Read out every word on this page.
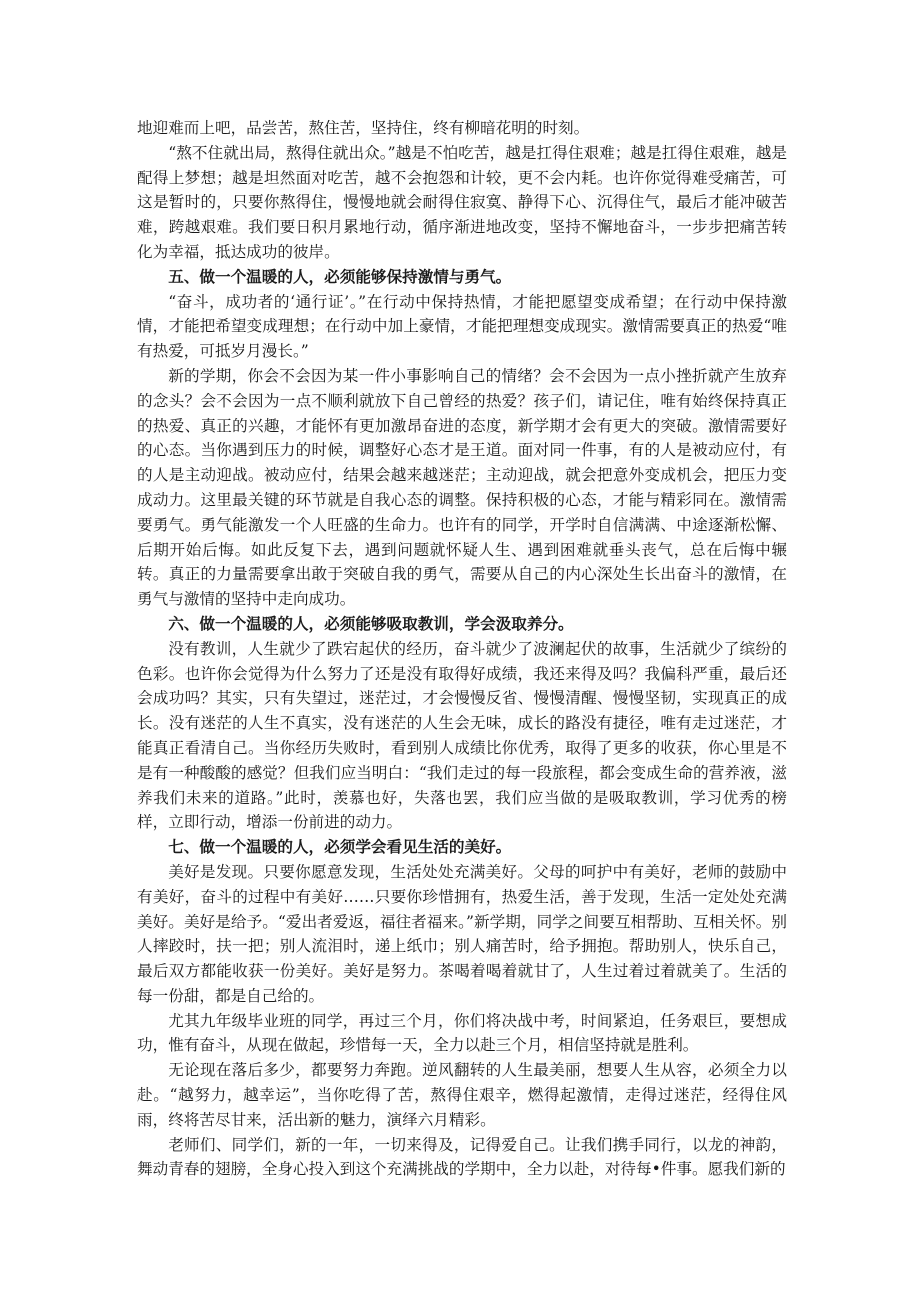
地迎难而上吧，品尝苦，熬住苦，坚持住，终有柳暗花明的时刻。

“熬不住就出局，熬得住就出众。”越是不怕吃苦，越是扛得住艰难；越是扛得住艰难，越是配得上梦想；越是坦然面对吃苦，越不会抱怨和计较，更不会内耗。也许你觉得难受痛苦，可这是暂时的，只要你熬得住，慢慢地就会耐得住寂寞、静得下心、沉得住气，最后才能冲破苦难，跨越艰难。我们要日积月累地行动，循序渐进地改变，坚持不懈地奋斗，一步步把痛苦转化为幸福，抵达成功的彼岸。

五、做一个温暖的人，必须能够保持激情与勇气。

“奋斗，成功者的‘通行证’。”在行动中保持热情，才能把愿望变成希望；在行动中保持激情，才能把希望变成理想；在行动中加上豪情，才能把理想变成现实。激情需要真正的热爱“唯有热爱，可抵岁月漫长。”

新的学期，你会不会因为某一件小事影响自己的情绪？会不会因为一点小挫折就产生放弃的念头？会不会因为一点不顺利就放下自己曾经的热爱？孩子们，请记住，唯有始终保持真正的热爱、真正的兴趣，才能怀有更加激昂奋进的态度，新学期才会有更大的突破。激情需要好的心态。当你遇到压力的时候，调整好心态才是王道。面对同一件事，有的人是被动应付，有的人是主动迎战。被动应付，结果会越来越迷茫；主动迎战，就会把意外变成机会，把压力变成动力。这里最关键的环节就是自我心态的调整。保持积极的心态，才能与精彩同在。激情需要勇气。勇气能激发一个人旺盛的生命力。也许有的同学，开学时自信满满、中途逐渐松懈、后期开始后悔。如此反复下去，遇到问题就怀疑人生、遇到困难就垂头丧气，总在后悔中辗转。真正的力量需要拿出敢于突破自我的勇气，需要从自己的内心深处生长出奋斗的激情，在勇气与激情的坚持中走向成功。

六、做一个温暖的人，必须能够吸取教训，学会汲取养分。

没有教训，人生就少了跌宕起伏的经历，奋斗就少了波澜起伏的故事，生活就少了缤纷的色彩。也许你会觉得为什么努力了还是没有取得好成绩，我还来得及吗？我偏科严重，最后还会成功吗？其实，只有失望过，迷茫过，才会慢慢反省、慢慢清醒、慢慢坚韧，实现真正的成长。没有迷茫的人生不真实，没有迷茫的人生会无味，成长的路没有捷径，唯有走过迷茫，才能真正看清自己。当你经历失败时，看到别人成绩比你优秀，取得了更多的收获，你心里是不是有一种酸酸的感觉？但我们应当明白：“我们走过的每一段旅程，都会变成生命的营养液，滋养我们未来的道路。”此时，羡慕也好，失落也罢，我们应当做的是吸取教训，学习优秀的榜样，立即行动，增添一份前进的动力。

七、做一个温暖的人，必须学会看见生活的美好。

美好是发现。只要你愿意发现，生活处处充满美好。父母的呵护中有美好，老师的鼓励中有美好，奋斗的过程中有美好……只要你珍惜拥有，热爱生活，善于发现，生活一定处处充满美好。美好是给予。“爱出者爱返，福往者福来。”新学期，同学之间要互相帮助、互相关怀。别人摔跤时，扶一把；别人流泪时，递上纸巾；别人痛苦时，给予拥抱。帮助别人，快乐自己，最后双方都能收获一份美好。美好是努力。茶喝着喝着就甘了，人生过着过着就美了。生活的每一份甜，都是自己给的。

尤其九年级毕业班的同学，再过三个月，你们将决战中考，时间紧迫，任务艰巨，要想成功，惟有奋斗，从现在做起，珍惜每一天，全力以赴三个月，相信坚持就是胜利。

无论现在落后多少，都要努力奔跑。逆风翻转的人生最美丽，想要人生从容，必须全力以赴。“越努力，越幸运”，当你吃得了苦，熬得住艰辛，燃得起激情，走得过迷茫，经得住风雨，终将苦尽甘来，活出新的魅力，演绎六月精彩。

老师们、同学们，新的一年，一切来得及，记得爱自己。让我们携手同行，以龙的神韵，舞动青春的翅膀，全身心投入到这个充满挑战的学期中，全力以赴，对待每•件事。愿我们新的
